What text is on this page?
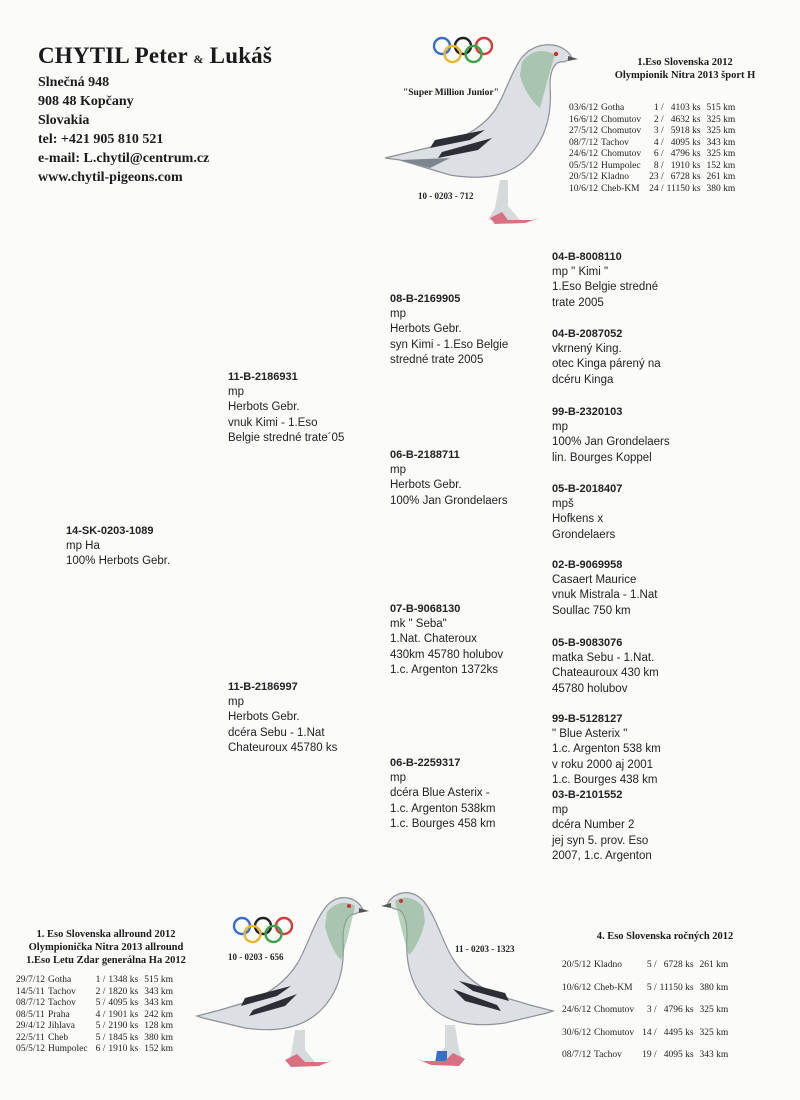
CHYTIL Peter & Lukáš
Slnečná 948
908 48 Kopčany
Slovakia
tel: +421 905 810 521
e-mail: L.chytil@centrum.cz
www.chytil-pigeons.com
"Super Million Junior"
10 - 0203 - 712
1.Eso Slovenska 2012
Olympionik Nitra 2013 šport H
03/6/12	Gotha	1 /	4103 ks	515 km
16/6/12	Chomutov	2 /	4632 ks	325 km
27/5/12	Chomutov	3 /	5918 ks	325 km
08/7/12	Tachov	4 /	4095 ks	343 km
24/6/12	Chomutov	6 /	4796 ks	325 km
05/5/12	Humpolec	8 /	1910 ks	152 km
20/5/12	Kladno	23 /	6728 ks	261 km
10/6/12	Cheb-KM	24 /	11150 ks	380 km
14-SK-0203-1089
mp Ha
100% Herbots Gebr.
11-B-2186931
mp
Herbots Gebr.
vnuk Kimi - 1.Eso
Belgie stredné trate´05
11-B-2186997
mp
Herbots Gebr.
dcéra Sebu - 1.Nat
Chateuroux 45780 ks
08-B-2169905
mp
Herbots Gebr.
syn Kimi - 1.Eso Belgie
stredné trate 2005
06-B-2188711
mp
Herbots Gebr.
100% Jan Grondelaers
07-B-9068130
mk " Seba"
1.Nat. Chateroux
430km 45780 holubov
1.c. Argenton 1372ks
06-B-2259317
mp
dcéra Blue Asterix -
1.c. Argenton 538km
1.c. Bourges 458 km
04-B-8008110
mp " Kimi "
1.Eso Belgie stredné
trate 2005
04-B-2087052
vkrnený King.
otec Kinga párený na
dcéru Kinga
99-B-2320103
mp
100% Jan Grondelaers
lin. Bourges Koppel
05-B-2018407
mpš
Hofkens x
Grondelaers
02-B-9069958
Casaert Maurice
vnuk Mistrala - 1.Nat
Soullac 750 km
05-B-9083076
matka Sebu - 1.Nat.
Chateauroux 430 km
45780 holubov
99-B-5128127
" Blue Asterix "
1.c. Argenton 538 km
v roku 2000 aj 2001
1.c. Bourges 438 km
03-B-2101552
mp
dcéra Number 2
jej syn 5. prov. Eso
2007, 1.c. Argenton
1. Eso Slovenska allround 2012
Olympionička Nitra 2013 allround
1.Eso Letu Zdar generálna Ha 2012
29/7/12	Gotha	1 /	1348 ks	515 km
14/5/11	Tachov	2 /	1820 ks	343 km
08/7/12	Tachov	5 /	4095 ks	343 km
08/5/11	Praha	4 /	1901 ks	242 km
29/4/12	Jihlava	5 /	2190 ks	128 km
22/5/11	Cheb	5 /	1845 ks	380 km
05/5/12	Humpolec	6 /	1910 ks	152 km
10 - 0203 - 656
11 - 0203 - 1323
4. Eso Slovenska ročných 2012
20/5/12	Kladno	5 /	6728 ks	261 km
10/6/12	Cheb-KM	5 /	11150 ks	380 km
24/6/12	Chomutov	3 /	4796 ks	325 km
30/6/12	Chomutov	14 /	4495 ks	325 km
08/7/12	Tachov	19 /	4095 ks	343 km
